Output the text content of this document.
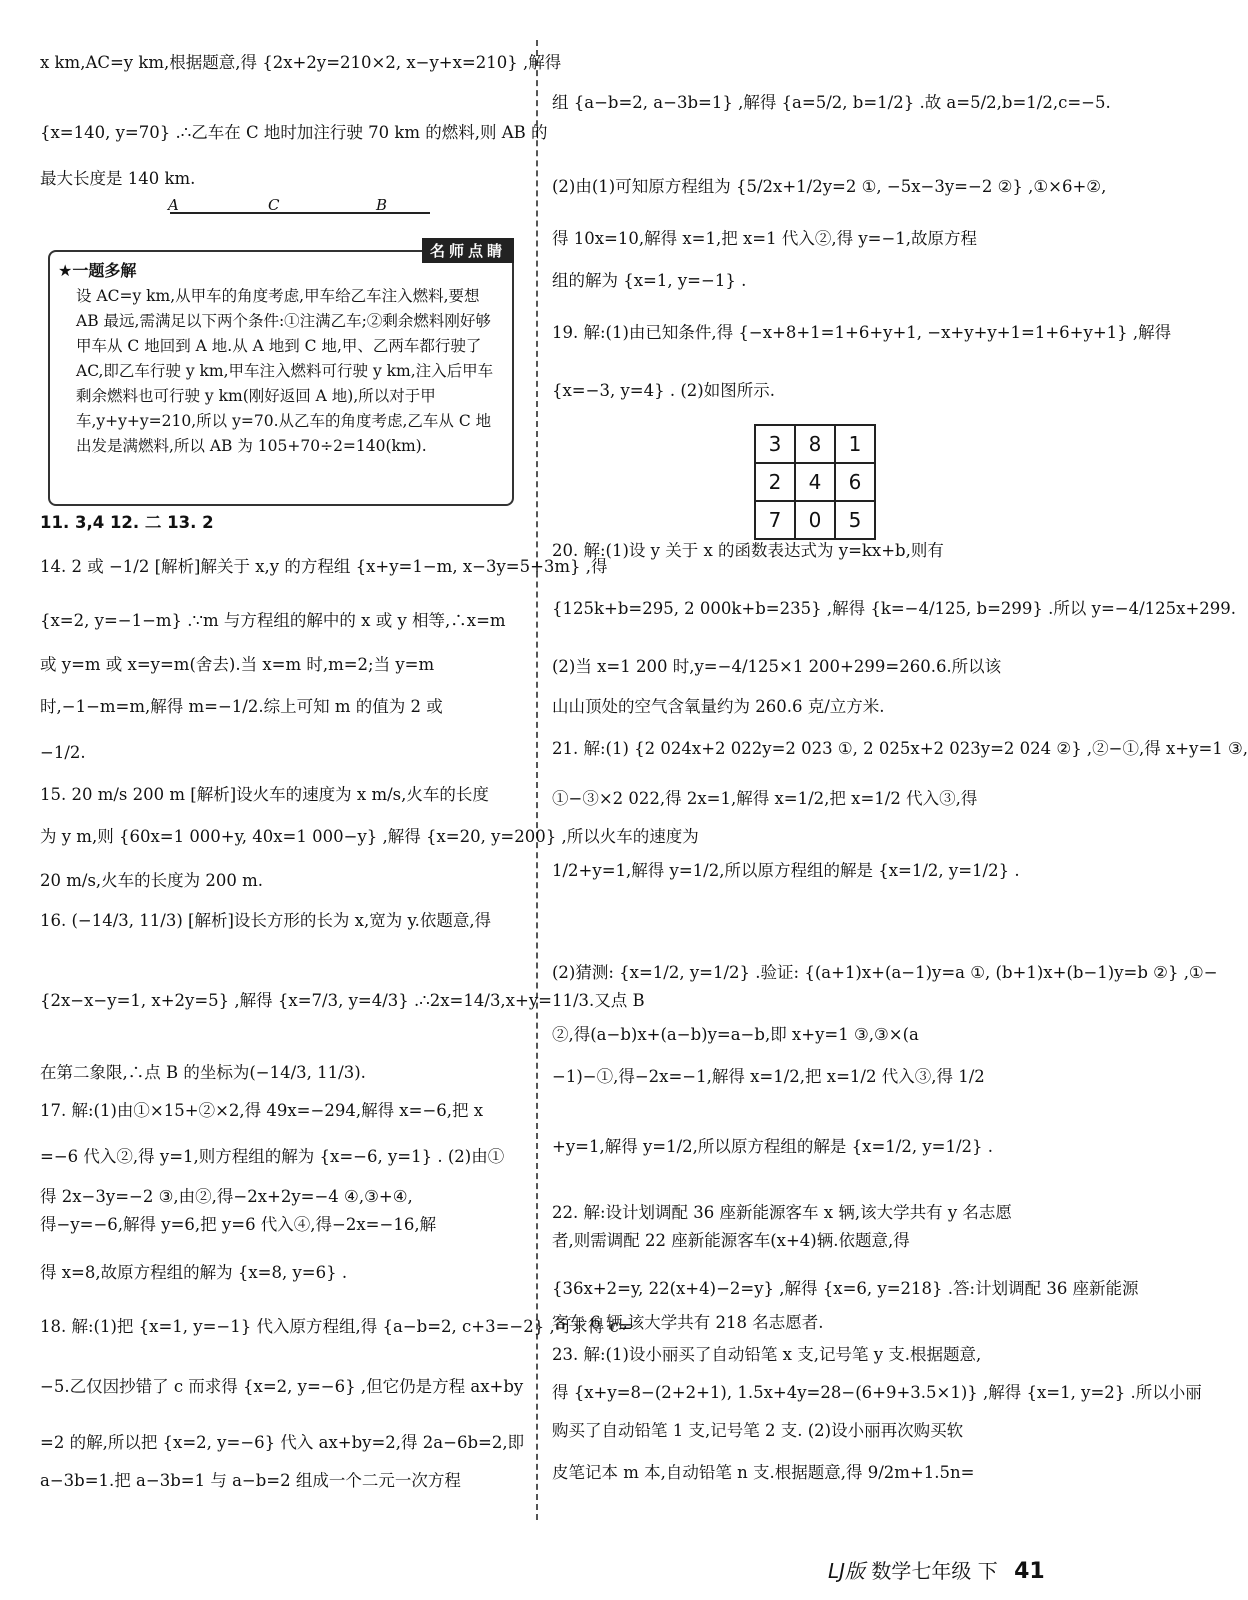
x km,AC=y km,根据题意,得 {2x+2y=210×2, x−y+x=210} ,解得
{x=140, y=70} .∴乙车在 C 地时加注行驶 70 km 的燃料,则 AB 的
最大长度是 140 km.
A	C	B
名师点睛
★一题多解
设 AC=y km,从甲车的角度考虑,甲车给乙车注入燃料,要想 AB 最远,需满足以下两个条件:①注满乙车;②剩余燃料刚好够甲车从 C 地回到 A 地.从 A 地到 C 地,甲、乙两车都行驶了 AC,即乙车行驶 y km,甲车注入燃料可行驶 y km,注入后甲车剩余燃料也可行驶 y km(刚好返回 A 地),所以对于甲车,y+y+y=210,所以 y=70.从乙车的角度考虑,乙车从 C 地出发是满燃料,所以 AB 为 105+70÷2=140(km).
11. 3,4 12. 二 13. 2
14. 2 或 −1/2 [解析]解关于 x,y 的方程组 {x+y=1−m, x−3y=5+3m} ,得
{x=2, y=−1−m} .∵m 与方程组的解中的 x 或 y 相等,∴x=m
或 y=m 或 x=y=m(舍去).当 x=m 时,m=2;当 y=m
时,−1−m=m,解得 m=−1/2.综上可知 m 的值为 2 或
−1/2.
15. 20 m/s 200 m [解析]设火车的速度为 x m/s,火车的长度
为 y m,则 {60x=1 000+y, 40x=1 000−y} ,解得 {x=20, y=200} ,所以火车的速度为
20 m/s,火车的长度为 200 m.
16. (−14/3, 11/3) [解析]设长方形的长为 x,宽为 y.依题意,得
{2x−x−y=1, x+2y=5} ,解得 {x=7/3, y=4/3} .∴2x=14/3,x+y=11/3.又点 B
在第二象限,∴点 B 的坐标为(−14/3, 11/3).
17. 解:(1)由①×15+②×2,得 49x=−294,解得 x=−6,把 x
=−6 代入②,得 y=1,则方程组的解为 {x=−6, y=1} . (2)由①
得 2x−3y=−2 ③,由②,得−2x+2y=−4 ④,③+④,
得−y=−6,解得 y=6,把 y=6 代入④,得−2x=−16,解
得 x=8,故原方程组的解为 {x=8, y=6} .
18. 解:(1)把 {x=1, y=−1} 代入原方程组,得 {a−b=2, c+3=−2} ,可求得 c=
−5.乙仅因抄错了 c 而求得 {x=2, y=−6} ,但它仍是方程 ax+by
=2 的解,所以把 {x=2, y=−6} 代入 ax+by=2,得 2a−6b=2,即
a−3b=1.把 a−3b=1 与 a−b=2 组成一个二元一次方程
组 {a−b=2, a−3b=1} ,解得 {a=5/2, b=1/2} .故 a=5/2,b=1/2,c=−5.
(2)由(1)可知原方程组为 {5/2x+1/2y=2 ①, −5x−3y=−2 ②} ,①×6+②,
得 10x=10,解得 x=1,把 x=1 代入②,得 y=−1,故原方程
组的解为 {x=1, y=−1} .
19. 解:(1)由已知条件,得 {−x+8+1=1+6+y+1, −x+y+y+1=1+6+y+1} ,解得
{x=−3, y=4} . (2)如图所示.
3	8	1
2	4	6
7	0	5
20. 解:(1)设 y 关于 x 的函数表达式为 y=kx+b,则有
{125k+b=295, 2 000k+b=235} ,解得 {k=−4/125, b=299} .所以 y=−4/125x+299.
(2)当 x=1 200 时,y=−4/125×1 200+299=260.6.所以该
山山顶处的空气含氧量约为 260.6 克/立方米.
21. 解:(1) {2 024x+2 022y=2 023 ①, 2 025x+2 023y=2 024 ②} ,②−①,得 x+y=1 ③,
①−③×2 022,得 2x=1,解得 x=1/2,把 x=1/2 代入③,得
1/2+y=1,解得 y=1/2,所以原方程组的解是 {x=1/2, y=1/2} .
(2)猜测: {x=1/2, y=1/2} .验证: {(a+1)x+(a−1)y=a ①, (b+1)x+(b−1)y=b ②} ,①−
②,得(a−b)x+(a−b)y=a−b,即 x+y=1 ③,③×(a
−1)−①,得−2x=−1,解得 x=1/2,把 x=1/2 代入③,得 1/2
+y=1,解得 y=1/2,所以原方程组的解是 {x=1/2, y=1/2} .
22. 解:设计划调配 36 座新能源客车 x 辆,该大学共有 y 名志愿
者,则需调配 22 座新能源客车(x+4)辆.依题意,得
{36x+2=y, 22(x+4)−2=y} ,解得 {x=6, y=218} .答:计划调配 36 座新能源
客车 6 辆,该大学共有 218 名志愿者.
23. 解:(1)设小丽买了自动铅笔 x 支,记号笔 y 支.根据题意,
得 {x+y=8−(2+2+1), 1.5x+4y=28−(6+9+3.5×1)} ,解得 {x=1, y=2} .所以小丽
购买了自动铅笔 1 支,记号笔 2 支. (2)设小丽再次购买软
皮笔记本 m 本,自动铅笔 n 支.根据题意,得 9/2m+1.5n=
LJ版 数学七年级 下 41
